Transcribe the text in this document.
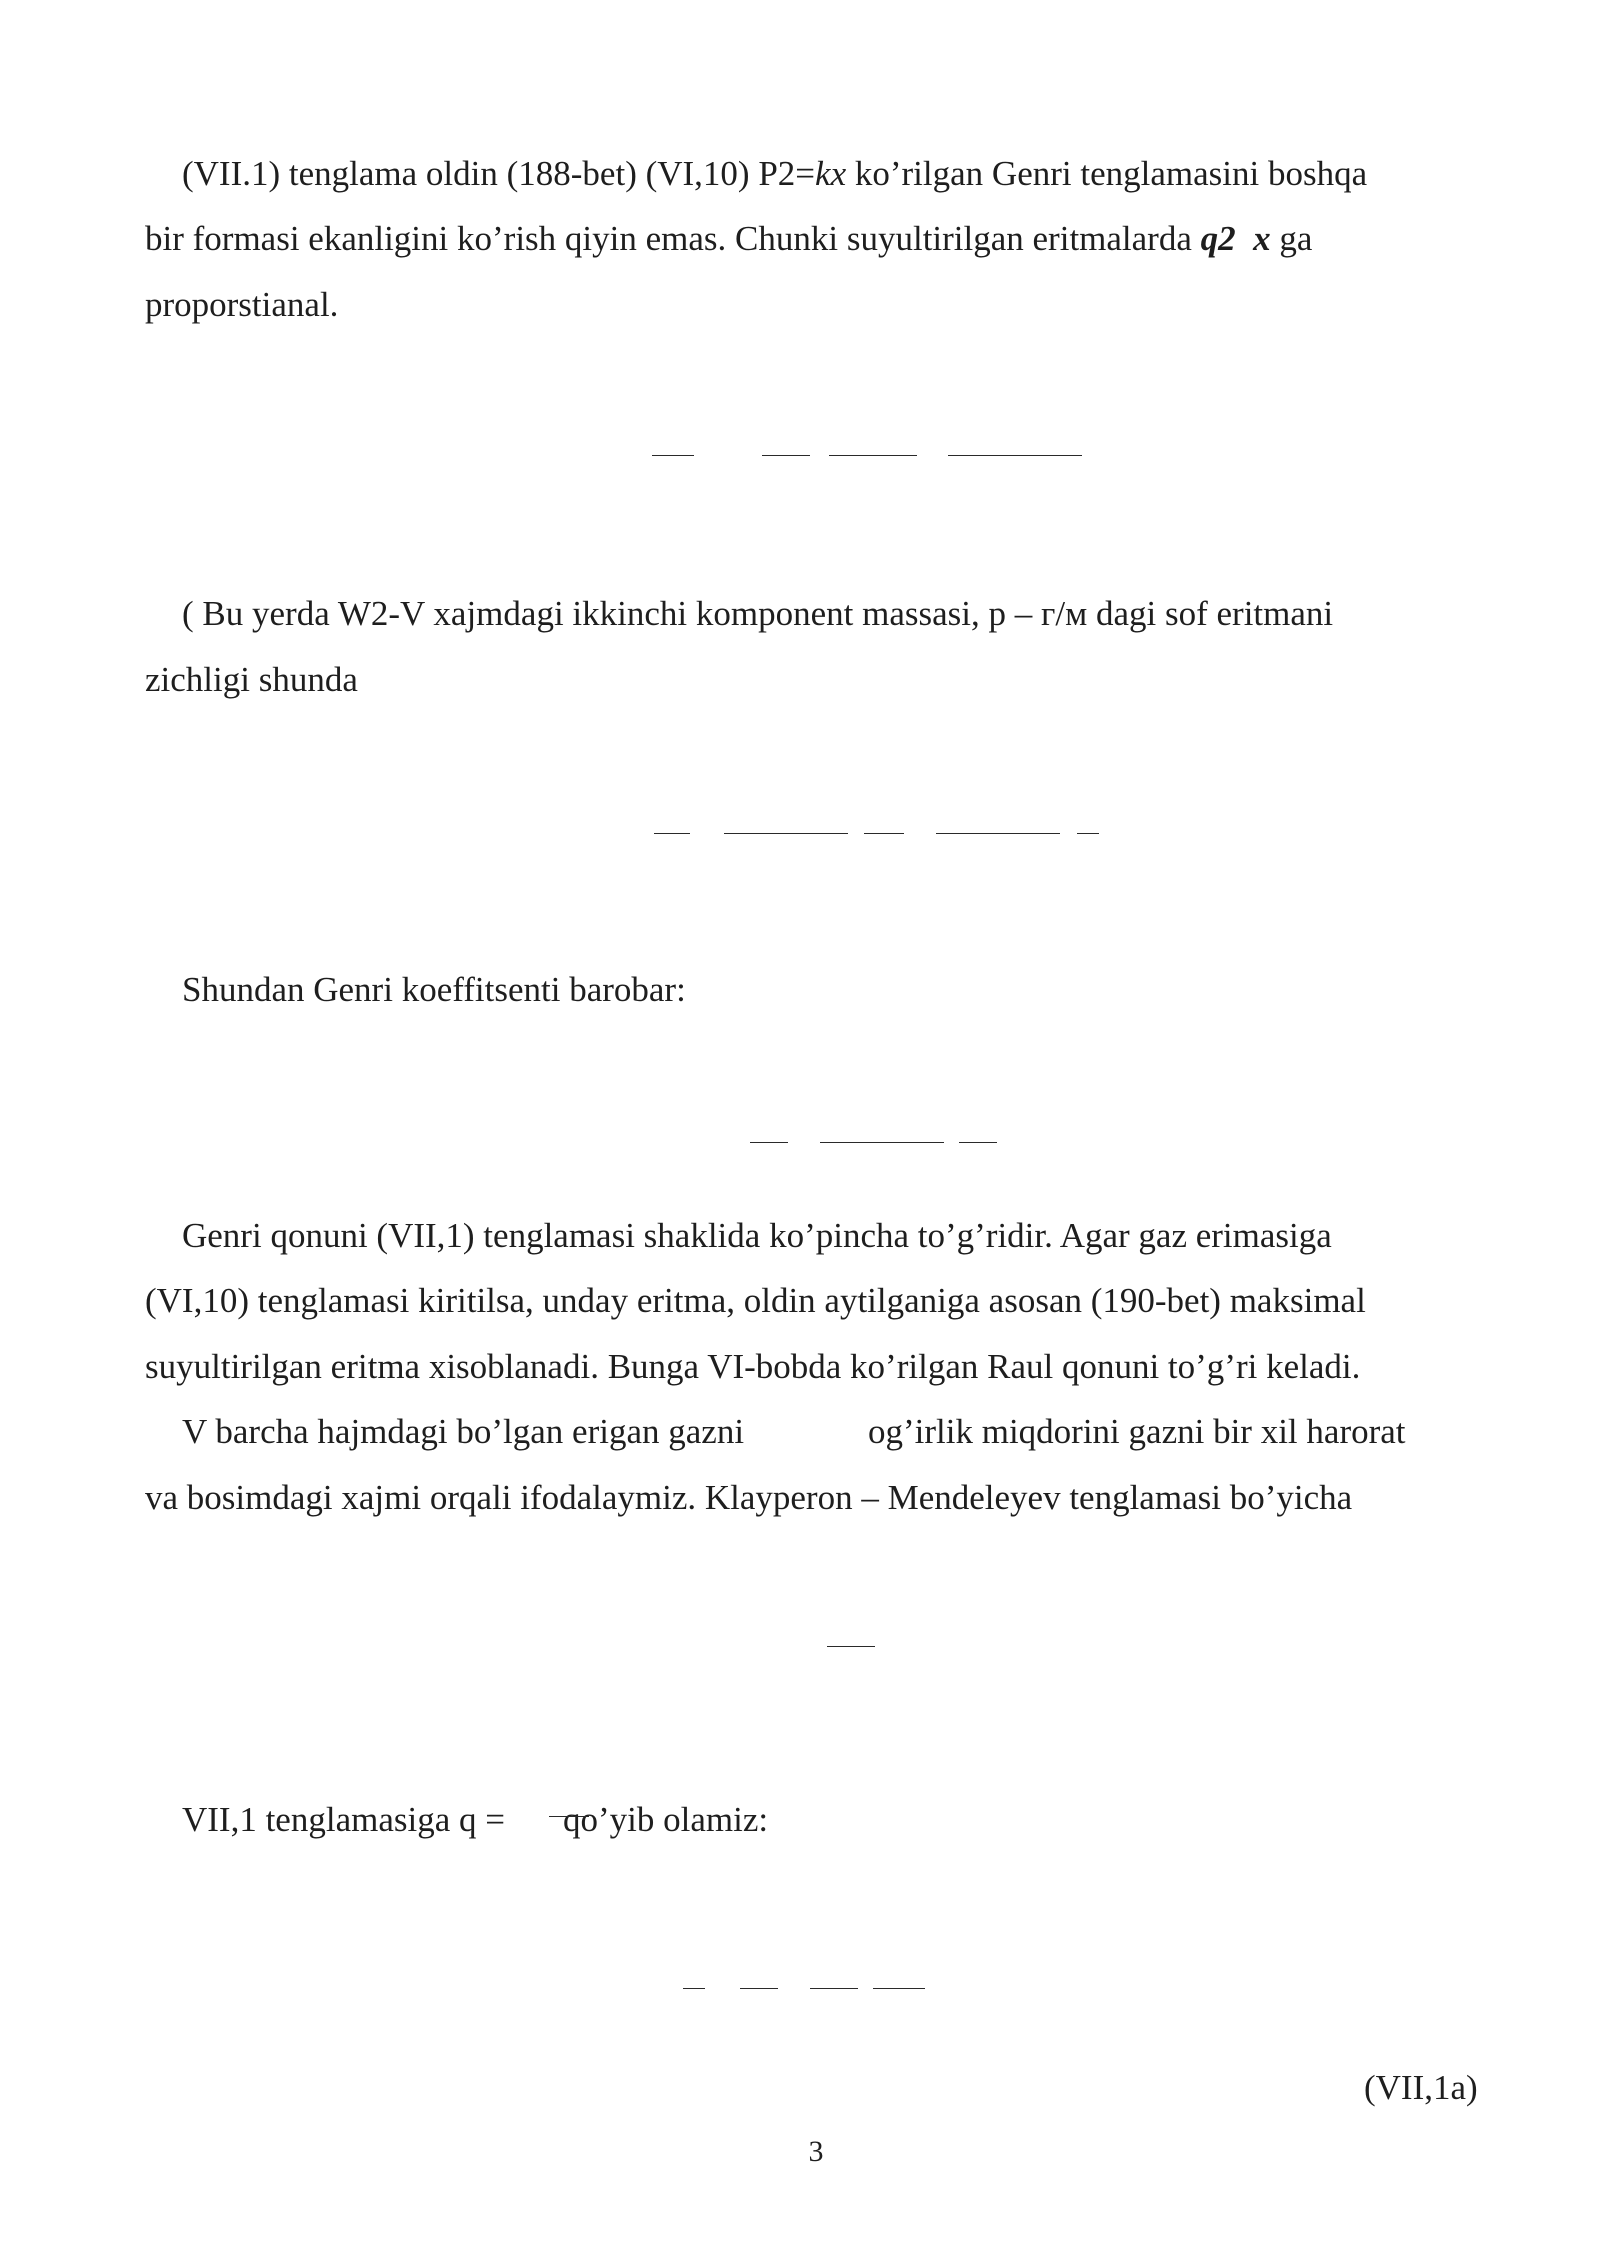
(VII.1) tenglama oldin (188-bet) (VI,10) P2=kx ko’rilgan Genri tenglamasini boshqa
bir formasi ekanligini ko’rish qiyin emas. Chunki suyultirilgan eritmalarda q2 x ga
proporstianal.
( Bu yerda W2-V xajmdagi ikkinchi komponent massasi, p – г/м dagi sof eritmani
zichligi shunda
Shundan Genri koeffitsenti barobar:
Genri qonuni (VII,1) tenglamasi shaklida ko’pincha to’g’ridir. Agar gaz erimasiga
(VI,10) tenglamasi kiritilsa, unday eritma, oldin aytilganiga asosan (190-bet) maksimal
suyultirilgan eritma xisoblanadi. Bunga VI-bobda ko’rilgan Raul qonuni to’g’ri keladi.
V barcha hajmdagi bo’lgan erigan gazni	og’irlik miqdorini gazni bir xil harorat
va bosimdagi xajmi orqali ifodalaymiz. Klayperon – Mendeleyev tenglamasi bo’yicha
VII,1 tenglamasiga q = qo’yib olamiz:
(VII,1a)
3
